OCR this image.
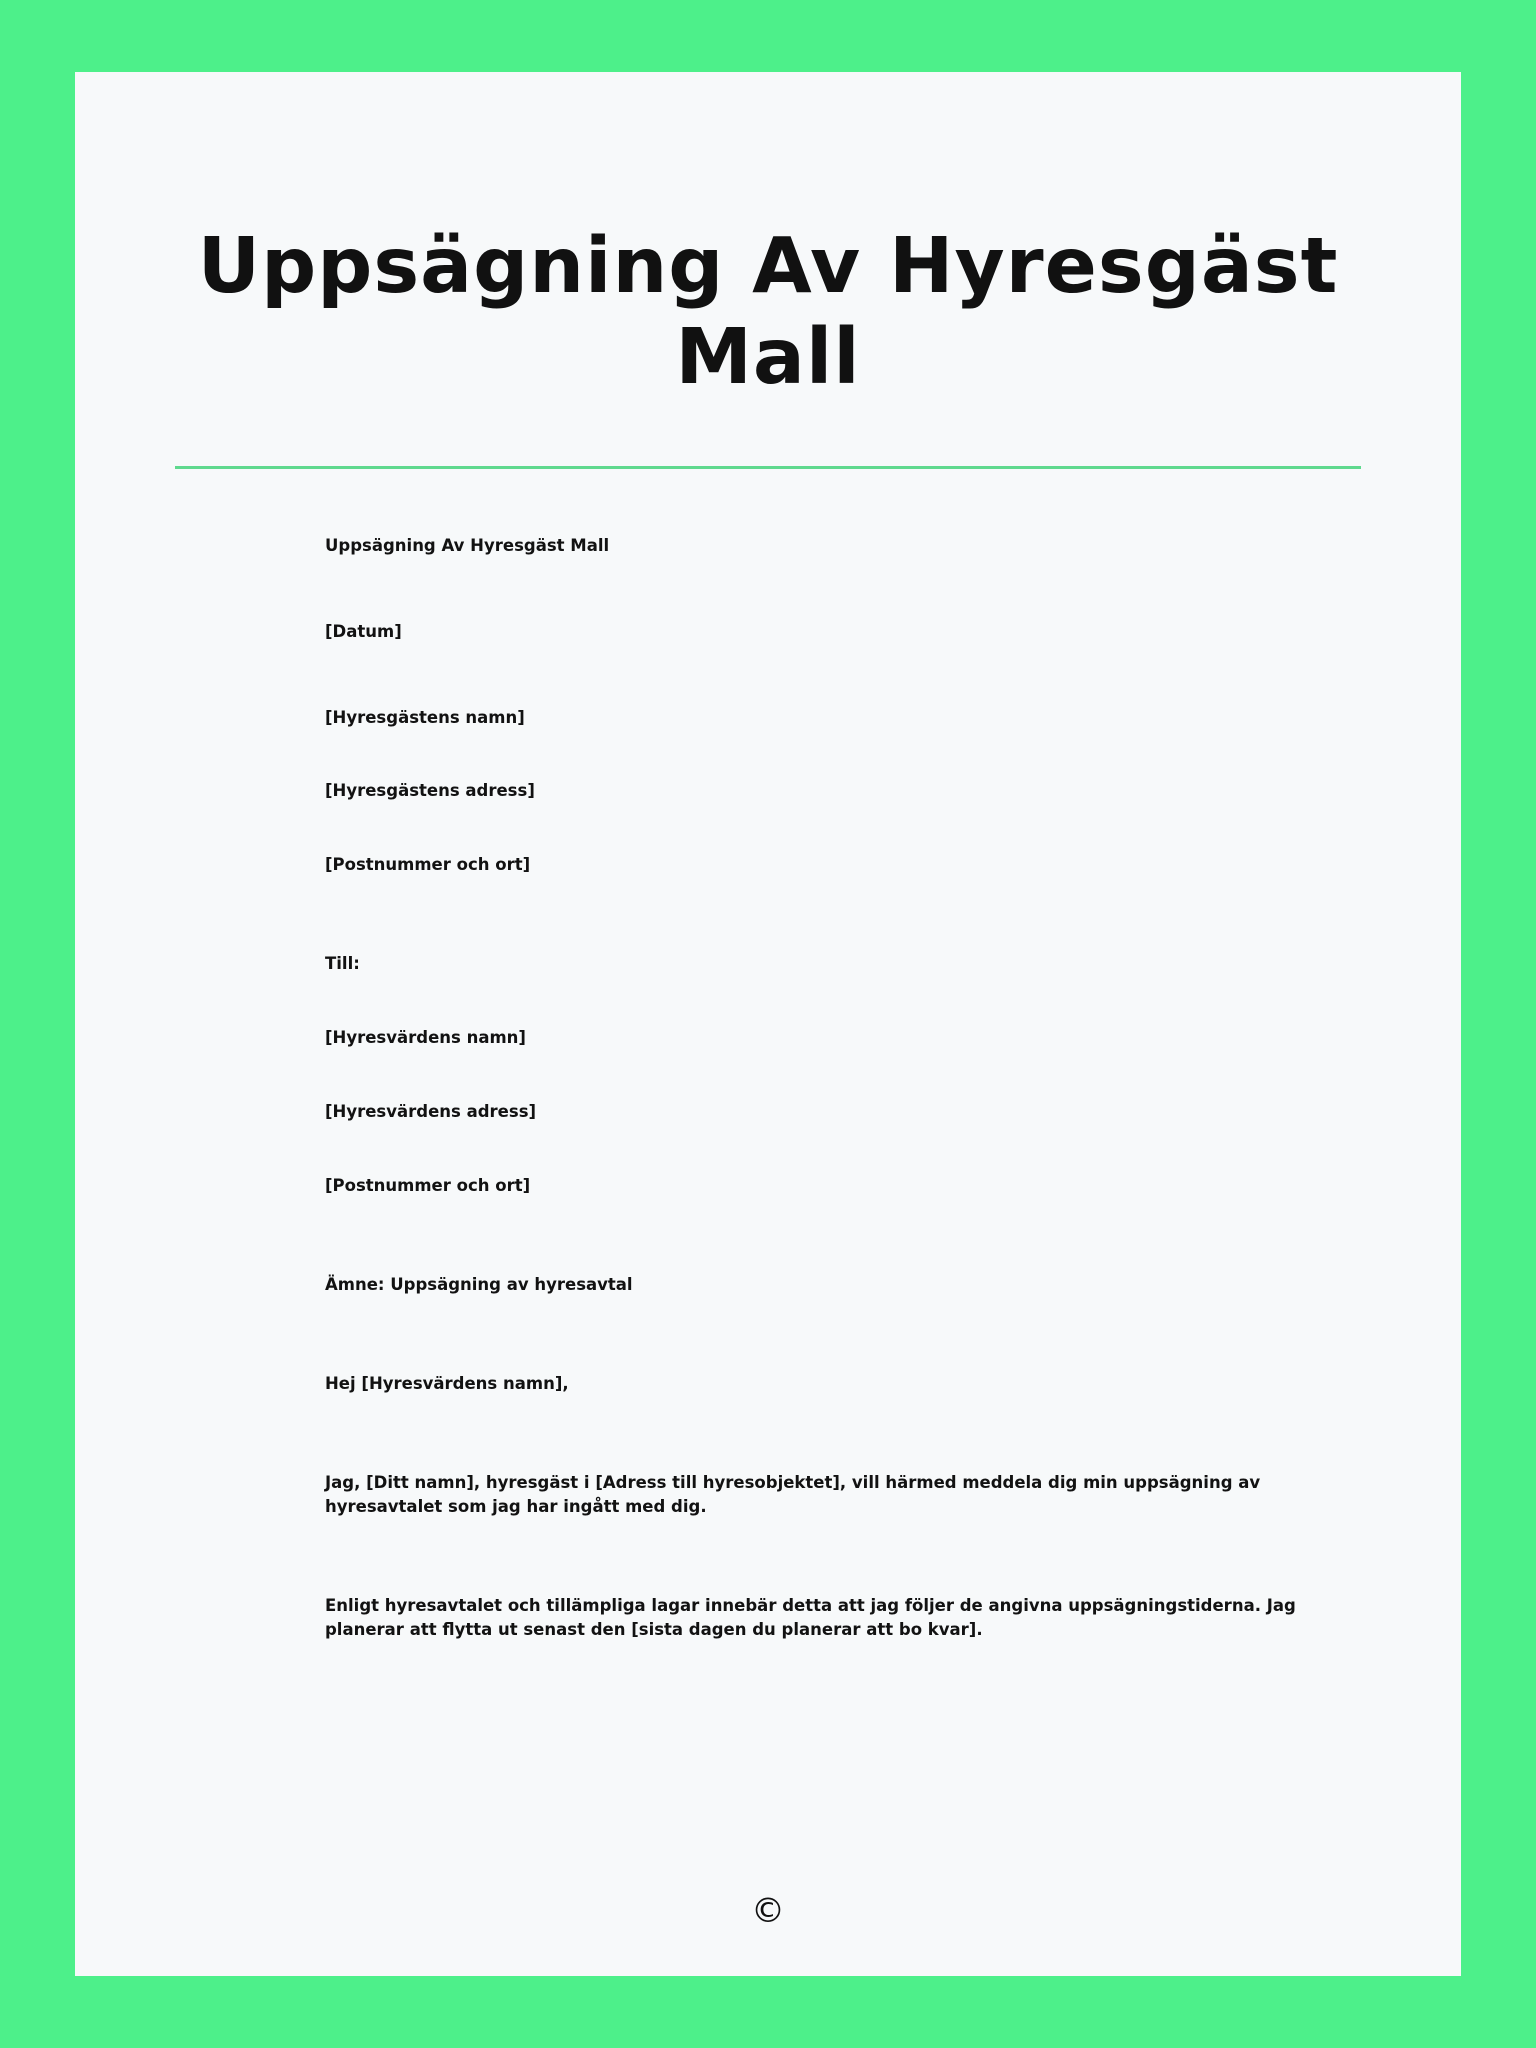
Uppsägning Av Hyresgäst Mall

Uppsägning Av Hyresgäst Mall

[Datum]

[Hyresgästens namn]

[Hyresgästens adress]

[Postnummer och ort]

Till:

[Hyresvärdens namn]

[Hyresvärdens adress]

[Postnummer och ort]

Ämne: Uppsägning av hyresavtal

Hej [Hyresvärdens namn],

Jag, [Ditt namn], hyresgäst i [Adress till hyresobjektet], vill härmed meddela dig min uppsägning av hyresavtalet som jag har ingått med dig.

Enligt hyresavtalet och tillämpliga lagar innebär detta att jag följer de angivna uppsägningstiderna. Jag planerar att flytta ut senast den [sista dagen du planerar att bo kvar].

©
